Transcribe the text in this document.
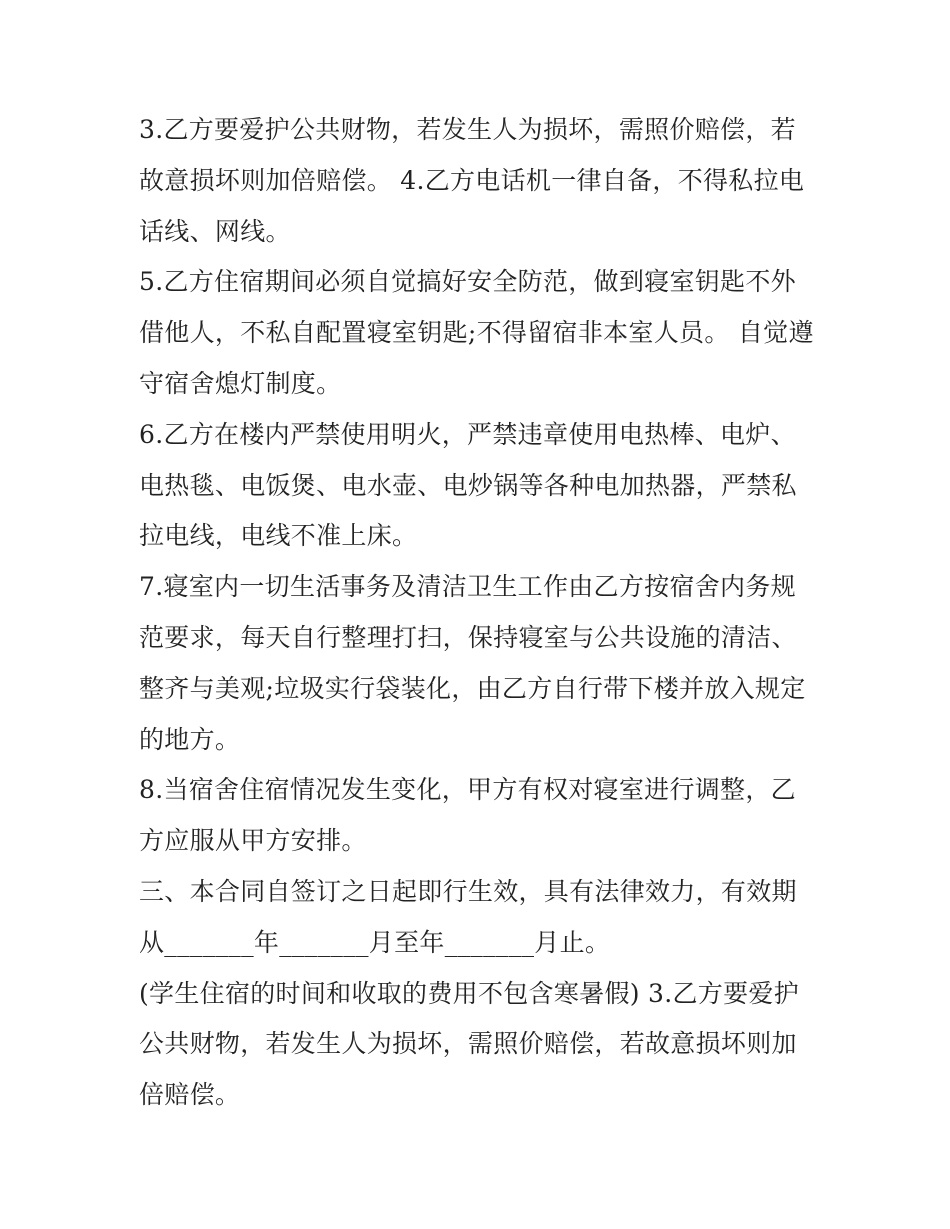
3.乙方要爱护公共财物，若发生人为损坏，需照价赔偿，若故意损坏则加倍赔偿。 4.乙方电话机一律自备，不得私拉电话线、网线。

5.乙方住宿期间必须自觉搞好安全防范，做到寝室钥匙不外借他人，不私自配置寝室钥匙;不得留宿非本室人员。 自觉遵守宿舍熄灯制度。

6.乙方在楼内严禁使用明火，严禁违章使用电热棒、电炉、电热毯、电饭煲、电水壶、电炒锅等各种电加热器，严禁私拉电线，电线不准上床。

7.寝室内一切生活事务及清洁卫生工作由乙方按宿舍内务规范要求，每天自行整理打扫，保持寝室与公共设施的清洁、整齐与美观;垃圾实行袋装化，由乙方自行带下楼并放入规定的地方。

8.当宿舍住宿情况发生变化，甲方有权对寝室进行调整，乙方应服从甲方安排。

三、本合同自签订之日起即行生效，具有法律效力，有效期从_______年_______月至年_______月止。

(学生住宿的时间和收取的费用不包含寒暑假) 3.乙方要爱护公共财物，若发生人为损坏，需照价赔偿，若故意损坏则加倍赔偿。
